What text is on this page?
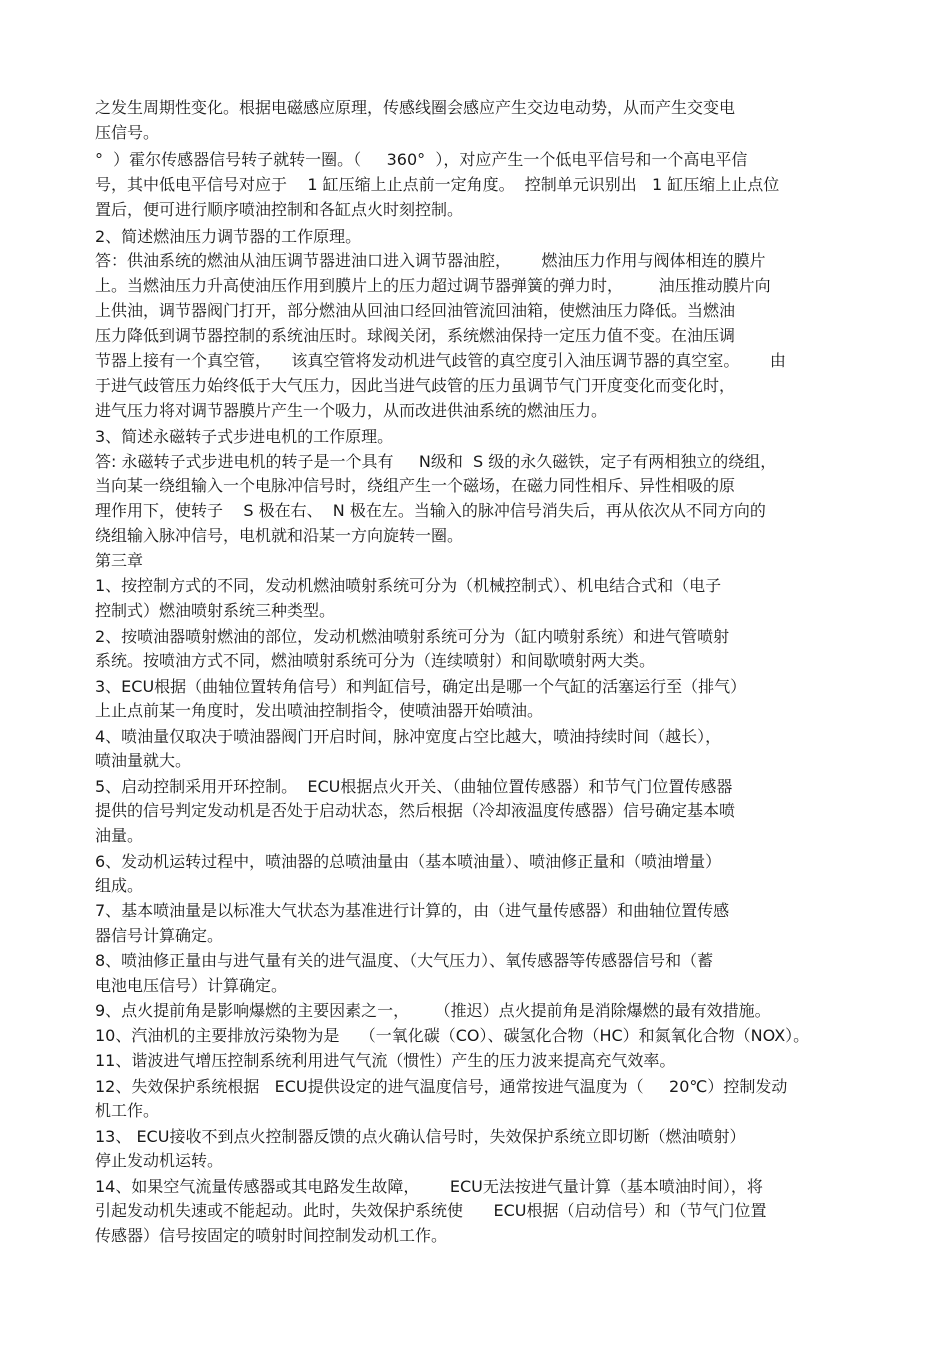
之发生周期性变化。根据电磁感应原理，传感线圈会感应产生交边电动势，从而产生交变电

压信号。

°  ）霍尔传感器信号转子就转一圈。（     360°  ），对应产生一个低电平信号和一个高电平信

号，其中低电平信号对应于    1 缸压缩上止点前一定角度。  控制单元识别出   1 缸压缩上止点位

置后，便可进行顺序喷油控制和各缸点火时刻控制。

2、简述燃油压力调节器的工作原理。

答：供油系统的燃油从油压调节器进油口进入调节器油腔，      燃油压力作用与阀体相连的膜片

上。当燃油压力升高使油压作用到膜片上的压力超过调节器弹簧的弹力时，       油压推动膜片向

上供油，调节器阀门打开，部分燃油从回油口经回油管流回油箱，使燃油压力降低。当燃油

压力降低到调节器控制的系统油压时。球阀关闭，系统燃油保持一定压力值不变。在油压调

节器上接有一个真空管，    该真空管将发动机进气歧管的真空度引入油压调节器的真空室。      由

于进气歧管压力始终低于大气压力，因此当进气歧管的压力虽调节气门开度变化而变化时，

进气压力将对调节器膜片产生一个吸力，从而改进供油系统的燃油压力。

3、简述永磁转子式步进电机的工作原理。

答: 永磁转子式步进电机的转子是一个具有     N级和  S 级的永久磁铁，定子有两相独立的绕组，

当向某一绕组输入一个电脉冲信号时，绕组产生一个磁场，在磁力同性相斥、异性相吸的原

理作用下，使转子    S 极在右、  N 极在左。当输入的脉冲信号消失后，再从依次从不同方向的

绕组输入脉冲信号，电机就和沿某一方向旋转一圈。

第三章

1、按控制方式的不同，发动机燃油喷射系统可分为（机械控制式）、机电结合式和（电子

控制式）燃油喷射系统三种类型。

2、按喷油器喷射燃油的部位，发动机燃油喷射系统可分为（缸内喷射系统）和进气管喷射

系统。按喷油方式不同，燃油喷射系统可分为（连续喷射）和间歇喷射两大类。

3、ECU根据（曲轴位置转角信号）和判缸信号，确定出是哪一个气缸的活塞运行至（排气）

上止点前某一角度时，发出喷油控制指令，使喷油器开始喷油。

4、喷油量仅取决于喷油器阀门开启时间，脉冲宽度占空比越大，喷油持续时间（越长），

喷油量就大。

5、启动控制采用开环控制。  ECU根据点火开关、（曲轴位置传感器）和节气门位置传感器

提供的信号判定发动机是否处于启动状态，然后根据（冷却液温度传感器）信号确定基本喷

油量。

6、发动机运转过程中，喷油器的总喷油量由（基本喷油量）、喷油修正量和（喷油增量）

组成。

7、基本喷油量是以标准大气状态为基准进行计算的，由（进气量传感器）和曲轴位置传感

器信号计算确定。

8、喷油修正量由与进气量有关的进气温度、（大气压力）、氧传感器等传感器信号和（蓄

电池电压信号）计算确定。

9、点火提前角是影响爆燃的主要因素之一，     （推迟）点火提前角是消除爆燃的最有效措施。

10、汽油机的主要排放污染物为是    （一氧化碳（CO）、碳氢化合物（HC）和氮氧化合物（NOX）。

11、谐波进气增压控制系统利用进气气流（惯性）产生的压力波来提高充气效率。

12、失效保护系统根据   ECU提供设定的进气温度信号，通常按进气温度为（     20℃）控制发动

机工作。

13、 ECU接收不到点火控制器反馈的点火确认信号时，失效保护系统立即切断（燃油喷射）

停止发动机运转。

14、如果空气流量传感器或其电路发生故障，      ECU无法按进气量计算（基本喷油时间），将

引起发动机失速或不能起动。此时，失效保护系统使      ECU根据（启动信号）和（节气门位置

传感器）信号按固定的喷射时间控制发动机工作。
